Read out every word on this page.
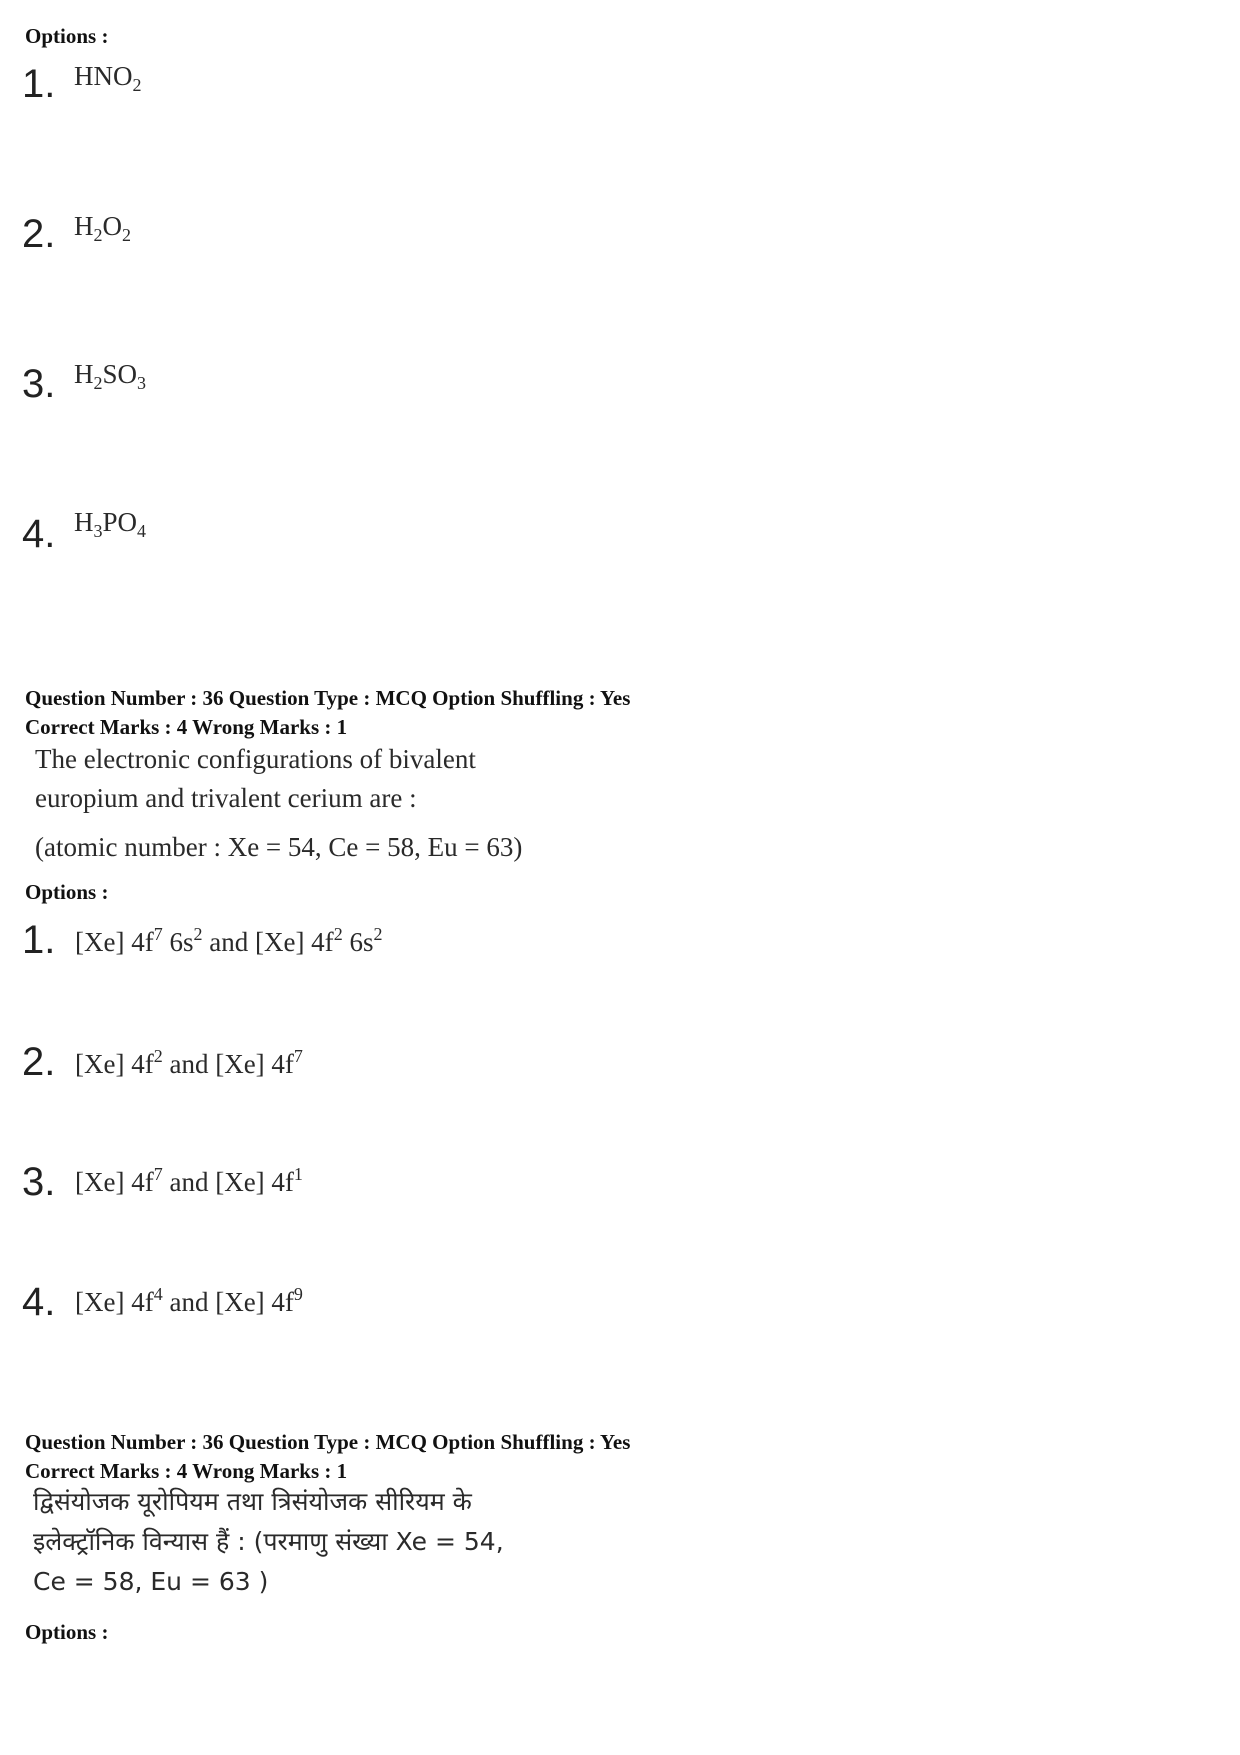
Options :
1. $HNO_2$
2. $H_2O_2$
3. $H_2SO_3$
4. $H_3PO_4$
Question Number : 36 Question Type : MCQ Option Shuffling : Yes
Correct Marks : 4 Wrong Marks : 1
The electronic configurations of bivalent
europium and trivalent cerium are :
(atomic number : Xe = 54, Ce = 58, Eu = 63)
Options :
1. [Xe] $4f^7$ $6s^2$ and [Xe] $4f^2$ $6s^2$
2. [Xe] $4f^2$ and [Xe] $4f^7$
3. [Xe] $4f^7$ and [Xe] $4f^1$
4. [Xe] $4f^4$ and [Xe] $4f^9$
Question Number : 36 Question Type : MCQ Option Shuffling : Yes
Correct Marks : 4 Wrong Marks : 1
द्विसंयोजक यूरोपियम तथा त्रिसंयोजक सीरियम के
इलेक्ट्रॉनिक विन्यास हैं : (परमाणु संख्या Xe = 54,
Ce = 58, Eu = 63 )
Options :
